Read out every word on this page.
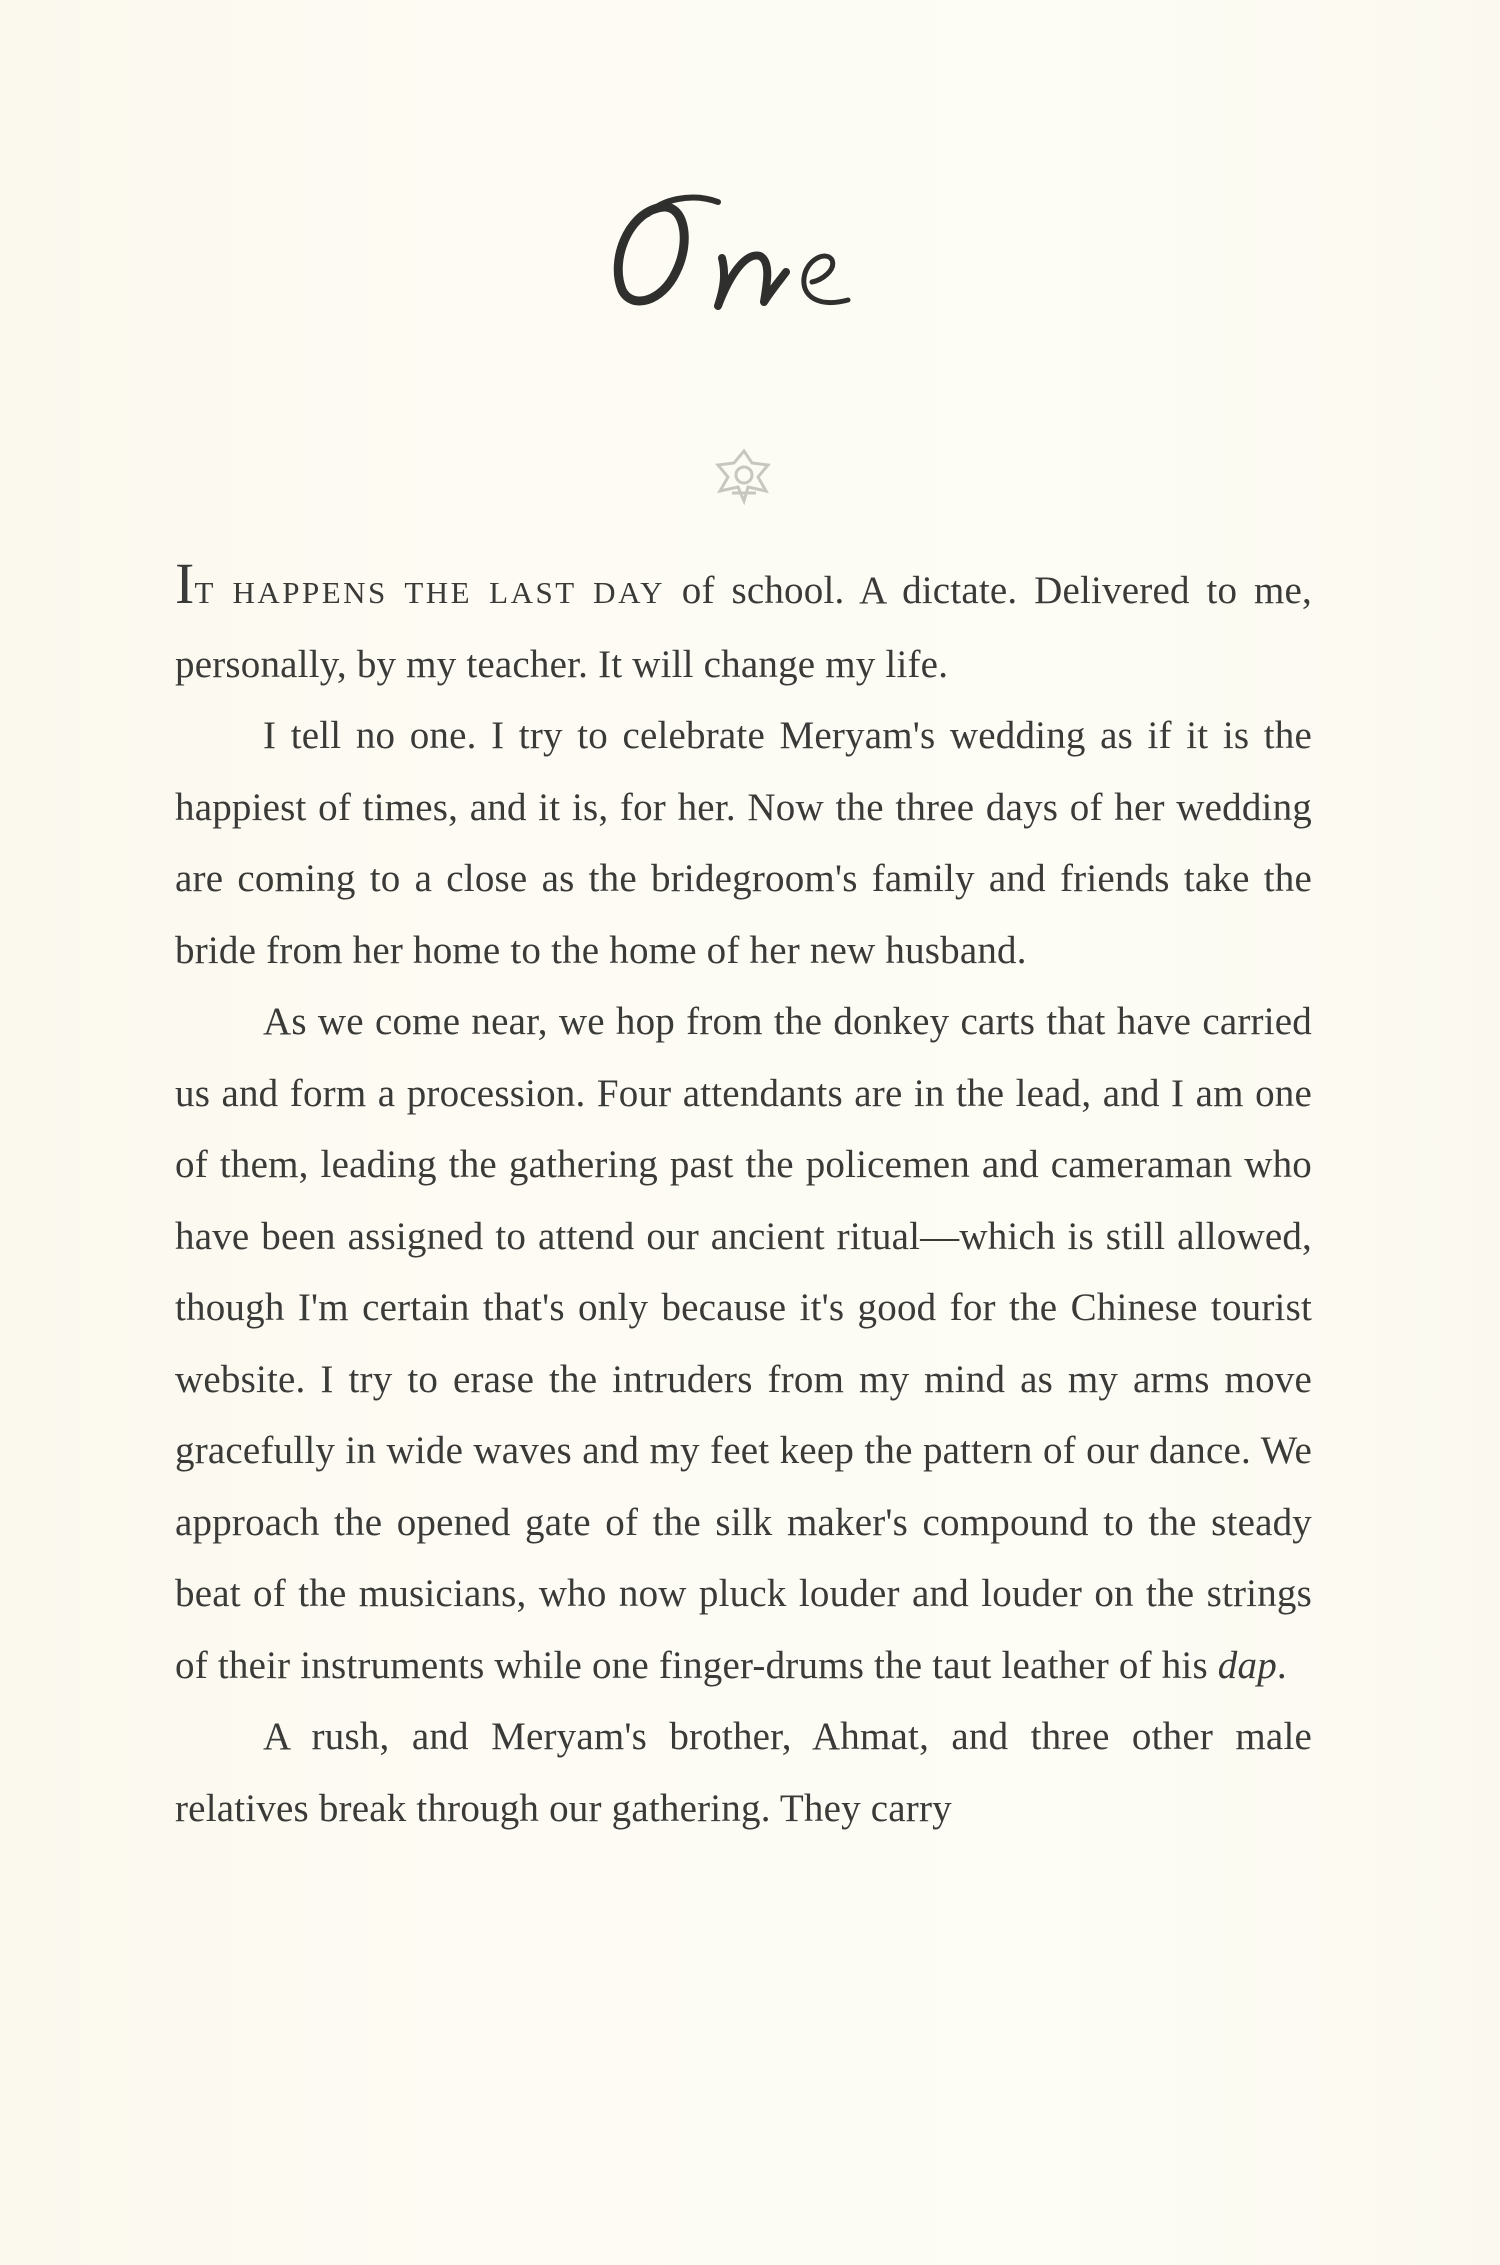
IT HAPPENS THE LAST DAY of school. A dictate. Delivered to me, personally, by my teacher. It will change my life.

I tell no one. I try to celebrate Meryam's wedding as if it is the happiest of times, and it is, for her. Now the three days of her wedding are coming to a close as the bridegroom's family and friends take the bride from her home to the home of her new husband.

As we come near, we hop from the donkey carts that have carried us and form a procession. Four attendants are in the lead, and I am one of them, leading the gathering past the policemen and cameraman who have been assigned to attend our ancient ritual—which is still allowed, though I'm certain that's only because it's good for the Chinese tourist website. I try to erase the intruders from my mind as my arms move gracefully in wide waves and my feet keep the pattern of our dance. We approach the opened gate of the silk maker's compound to the steady beat of the musicians, who now pluck louder and louder on the strings of their instruments while one finger-drums the taut leather of his dap.

A rush, and Meryam's brother, Ahmat, and three other male relatives break through our gathering. They carry
